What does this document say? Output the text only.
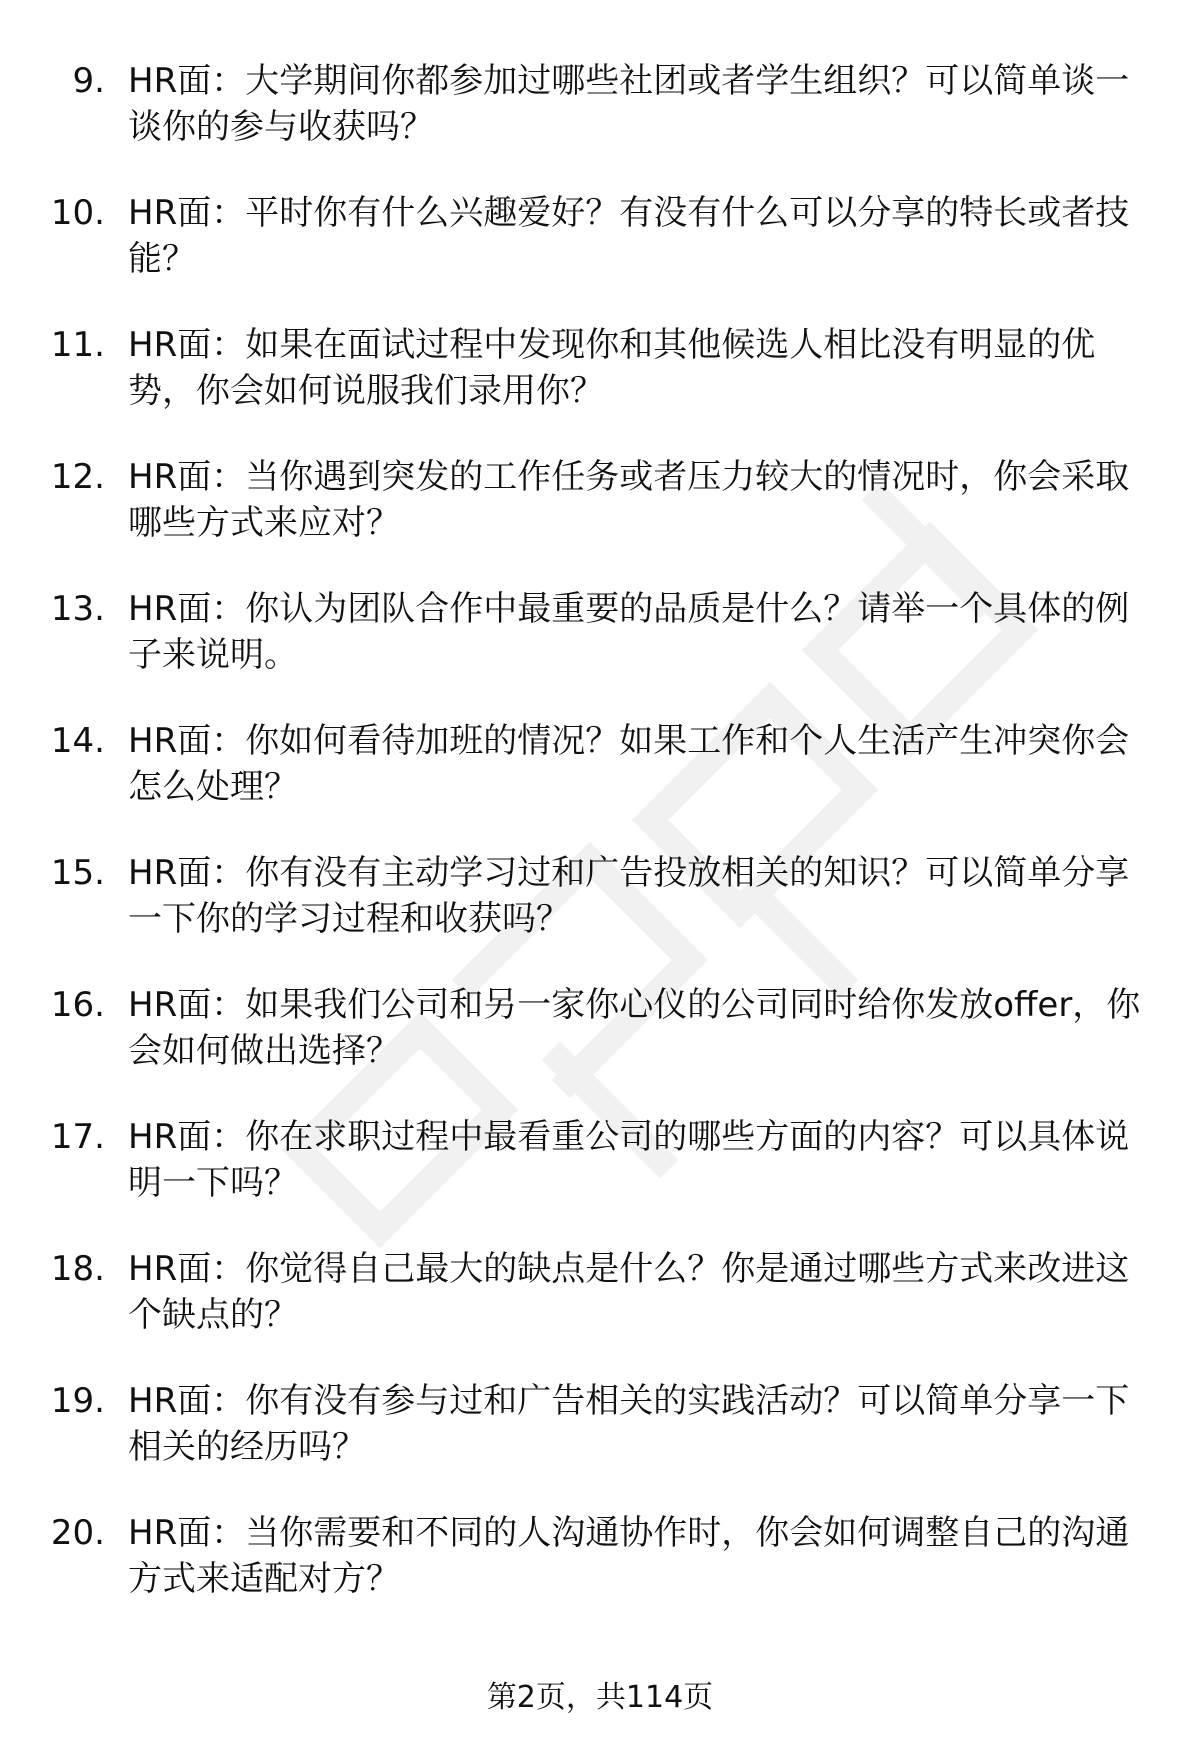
9. HR面：大学期间你都参加过哪些社团或者学生组织？可以简单谈一谈你的参与收获吗？
10. HR面：平时你有什么兴趣爱好？有没有什么可以分享的特长或者技能？
11. HR面：如果在面试过程中发现你和其他候选人相比没有明显的优势，你会如何说服我们录用你？
12. HR面：当你遇到突发的工作任务或者压力较大的情况时，你会采取哪些方式来应对？
13. HR面：你认为团队合作中最重要的品质是什么？请举一个具体的例子来说明。
14. HR面：你如何看待加班的情况？如果工作和个人生活产生冲突你会怎么处理？
15. HR面：你有没有主动学习过和广告投放相关的知识？可以简单分享一下你的学习过程和收获吗？
16. HR面：如果我们公司和另一家你心仪的公司同时给你发放offer，你会如何做出选择？
17. HR面：你在求职过程中最看重公司的哪些方面的内容？可以具体说明一下吗？
18. HR面：你觉得自己最大的缺点是什么？你是通过哪些方式来改进这个缺点的？
19. HR面：你有没有参与过和广告相关的实践活动？可以简单分享一下相关的经历吗？
20. HR面：当你需要和不同的人沟通协作时，你会如何调整自己的沟通方式来适配对方？
第2页，共114页
